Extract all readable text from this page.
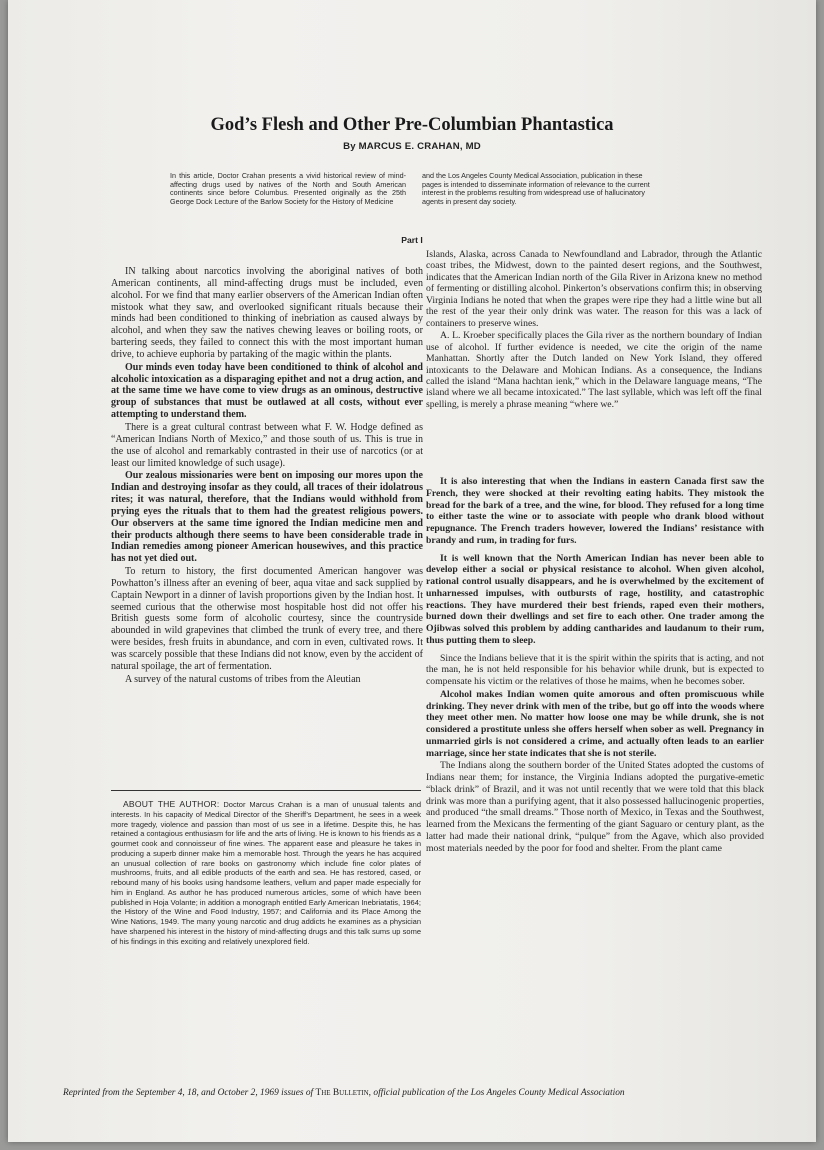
God’s Flesh and Other Pre-Columbian Phantastica
By MARCUS E. CRAHAN, MD
In this article, Doctor Crahan presents a vivid historical review of mind-affecting drugs used by natives of the North and South American continents since before Columbus. Presented originally as the 25th George Dock Lecture of the Barlow Society for the History of Medicine
and the Los Angeles County Medical Association, publication in these pages is intended to disseminate information of relevance to the current interest in the problems resulting from widespread use of hallucinatory agents in present day society.
Part I

IN talking about narcotics involving the aboriginal natives of both American continents, all mind-affecting drugs must be included, even alcohol. For we find that many earlier observers of the American Indian often mistook what they saw, and overlooked significant rituals because their minds had been conditioned to thinking of inebriation as caused always by alcohol, and when they saw the natives chewing leaves or boiling roots, or bartering seeds, they failed to connect this with the most important human drive, to achieve euphoria by partaking of the magic within the plants.

Our minds even today have been conditioned to think of alcohol and alcoholic intoxication as a disparaging epithet and not a drug action, and at the same time we have come to view drugs as an ominous, destructive group of substances that must be outlawed at all costs, without ever attempting to understand them.

There is a great cultural contrast between what F. W. Hodge defined as “American Indians North of Mexico,” and those south of us. This is true in the use of alcohol and remarkably contrasted in their use of narcotics (or at least our limited knowledge of such usage).

Our zealous missionaries were bent on imposing our mores upon the Indian and destroying insofar as they could, all traces of their idolatrous rites; it was natural, therefore, that the Indians would withhold from prying eyes the rituals that to them had the greatest religious powers. Our observers at the same time ignored the Indian medicine men and their products although there seems to have been considerable trade in Indian remedies among pioneer American housewives, and this practice has not yet died out.

To return to history, the first documented American hangover was Powhatton’s illness after an evening of beer, aqua vitae and sack supplied by Captain Newport in a dinner of lavish proportions given by the Indian host. It seemed curious that the otherwise most hospitable host did not offer his British guests some form of alcoholic courtesy, since the countryside abounded in wild grapevines that climbed the trunk of every tree, and there were besides, fresh fruits in abundance, and corn in even, cultivated rows. It was scarcely possible that these Indians did not know, even by the accident of natural spoilage, the art of fermentation.

A survey of the natural customs of tribes from the Aleutian

ABOUT THE AUTHOR: Doctor Marcus Crahan is a man of unusual talents and interests. In his capacity of Medical Director of the Sheriff’s Department, he sees in a week more tragedy, violence and passion than most of us see in a lifetime. Despite this, he has retained a contagious enthusiasm for life and the arts of living. He is known to his friends as a gourmet cook and connoisseur of fine wines. The apparent ease and pleasure he takes in producing a superb dinner make him a memorable host. Through the years he has acquired an unusual collection of rare books on gastronomy which include fine color plates of mushrooms, fruits, and all edible products of the earth and sea. He has restored, cased, or rebound many of his books using handsome leathers, vellum and paper made especially for him in England. As author he has produced numerous articles, some of which have been published in Hoja Volante; in addition a monograph entitled Early American Inebriatatis, 1964; the History of the Wine and Food Industry, 1957; and California and its Place Among the Wine Nations, 1949. The many young narcotic and drug addicts he examines as a physician have sharpened his interest in the history of mind-affecting drugs and this talk sums up some of his findings in this exciting and relatively unexplored field.

Islands, Alaska, across Canada to Newfoundland and Labrador, through the Atlantic coast tribes, the Midwest, down to the painted desert regions, and the Southwest, indicates that the American Indian north of the Gila River in Arizona knew no method of fermenting or distilling alcohol. Pinkerton’s observations confirm this; in observing Virginia Indians he noted that when the grapes were ripe they had a little wine but all the rest of the year their only drink was water. The reason for this was a lack of containers to preserve wines.

A. L. Kroeber specifically places the Gila river as the northern boundary of Indian use of alcohol. If further evidence is needed, we cite the origin of the name Manhattan. Shortly after the Dutch landed on New York Island, they offered intoxicants to the Delaware and Mohican Indians. As a consequence, the Indians called the island “Mana hachtan ienk,” which in the Delaware language means, “The island where we all became intoxicated.” The last syllable, which was left off the final spelling, is merely a phrase meaning “where we.”

It is also interesting that when the Indians in eastern Canada first saw the French, they were shocked at their revolting eating habits. They mistook the bread for the bark of a tree, and the wine, for blood. They refused for a long time to either taste the wine or to associate with people who drank blood without repugnance. The French traders however, lowered the Indians’ resistance with brandy and rum, in trading for furs.

It is well known that the North American Indian has never been able to develop either a social or physical resistance to alcohol. When given alcohol, rational control usually disappears, and he is overwhelmed by the excitement of unharnessed impulses, with outbursts of rage, hostility, and catastrophic reactions. They have murdered their best friends, raped even their mothers, burned down their dwellings and set fire to each other. One trader among the Ojibwas solved this problem by adding cantharides and laudanum to their rum, thus putting them to sleep.

Since the Indians believe that it is the spirit within the spirits that is acting, and not the man, he is not held responsible for his behavior while drunk, but is expected to compensate his victim or the relatives of those he maims, when he becomes sober.

Alcohol makes Indian women quite amorous and often promiscuous while drinking. They never drink with men of the tribe, but go off into the woods where they meet other men. No matter how loose one may be while drunk, she is not considered a prostitute unless she offers herself when sober as well. Pregnancy in unmarried girls is not considered a crime, and actually often leads to an earlier marriage, since her state indicates that she is not sterile.

The Indians along the southern border of the United States adopted the customs of Indians near them; for instance, the Virginia Indians adopted the purgative-emetic “black drink” of Brazil, and it was not until recently that we were told that this black drink was more than a purifying agent, that it also possessed hallucinogenic properties, and produced “the small dreams.” Those north of Mexico, in Texas and the Southwest, learned from the Mexicans the fermenting of the giant Saguaro or century plant, as the latter had made their national drink, “pulque” from the Agave, which also provided most materials needed by the poor for food and shelter. From the plant came

Reprinted from the September 4, 18, and October 2, 1969 issues of The Bulletin, official publication of the Los Angeles County Medical Association
